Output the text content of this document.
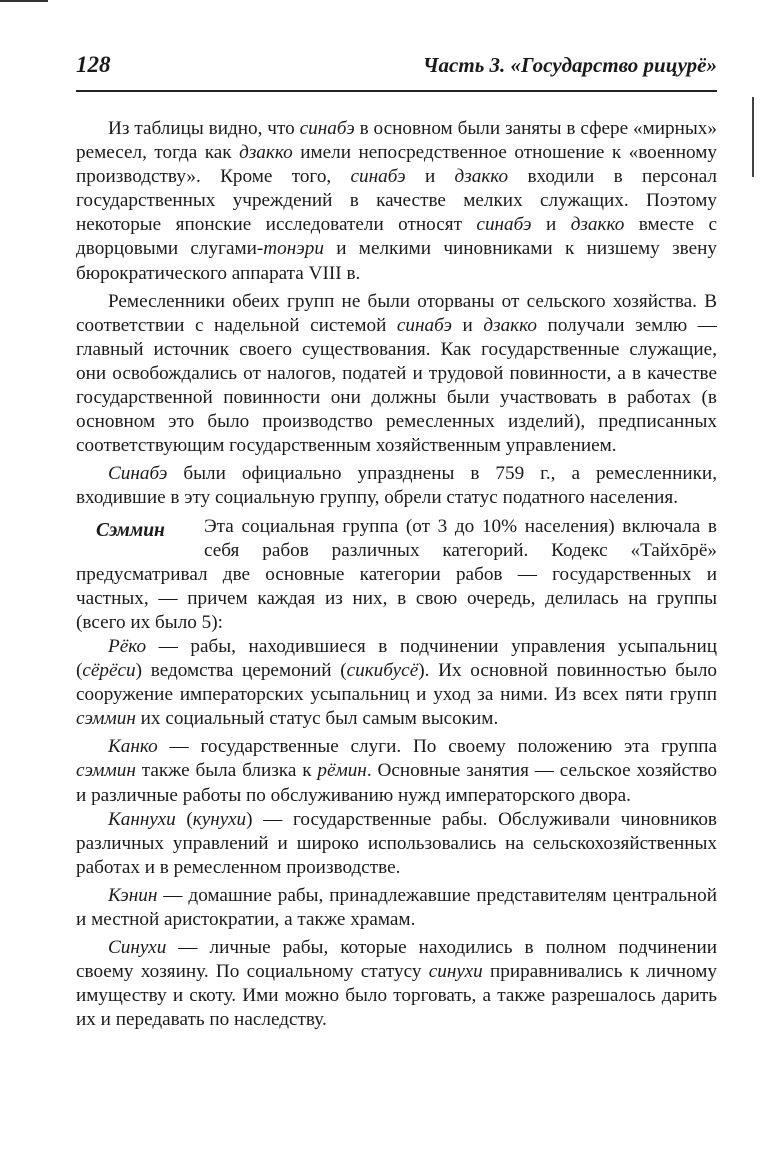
128	Часть 3. «Государство рицурё»

Из таблицы видно, что синабэ в основном были заняты в сфере «мирных» ремесел, тогда как дзакко имели непосредственное отношение к «военному производству». Кроме того, синабэ и дзакко входили в персонал государственных учреждений в качестве мелких служащих. Поэтому некоторые японские исследователи относят синабэ и дзакко вместе с дворцовыми слугами-тонэри и мелкими чиновниками к низшему звену бюрократического аппарата VIII в.

Ремесленники обеих групп не были оторваны от сельского хозяйства. В соответствии с надельной системой синабэ и дзакко получали землю — главный источник своего существования. Как государственные служащие, они освобождались от налогов, податей и трудовой повинности, а в качестве государственной повинности они должны были участвовать в работах (в основном это было производство ремесленных изделий), предписанных соответствующим государственным хозяйственным управлением.

Синабэ были официально упразднены в 759 г., а ремесленники, входившие в эту социальную группу, обрели статус податного населения.

Сэммин	Эта социальная группа (от 3 до 10% населения) включала в себя рабов различных категорий. Кодекс «Тайхōрё» предусматривал две основные категории рабов — государственных и частных, — причем каждая из них, в свою очередь, делилась на группы (всего их было 5):

Рёко — рабы, находившиеся в подчинении управления усыпальниц (сёрёси) ведомства церемоний (сикибусё). Их основной повинностью было сооружение императорских усыпальниц и уход за ними. Из всех пяти групп сэммин их социальный статус был самым высоким.

Канко — государственные слуги. По своему положению эта группа сэммин также была близка к рёмин. Основные занятия — сельское хозяйство и различные работы по обслуживанию нужд императорского двора.

Каннухи (кунухи) — государственные рабы. Обслуживали чиновников различных управлений и широко использовались на сельскохозяйственных работах и в ремесленном производстве.

Кэнин — домашние рабы, принадлежавшие представителям центральной и местной аристократии, а также храмам.

Синухи — личные рабы, которые находились в полном подчинении своему хозяину. По социальному статусу синухи приравнивались к личному имуществу и скоту. Ими можно было торговать, а также разрешалось дарить их и передавать по наследству.
